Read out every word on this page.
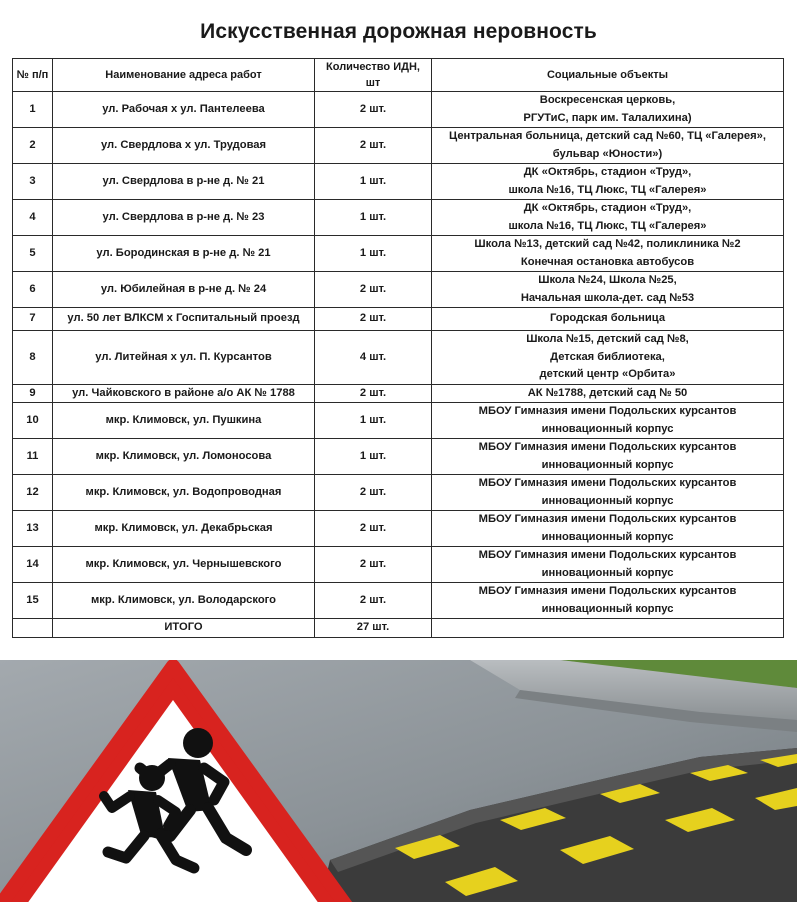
Искусственная дорожная неровность
№ п/п	Наименование адреса работ	Количество ИДН, шт	Социальные объекты
1	ул. Рабочая х ул. Пантелеева	2 шт.	Воскресенская церковь,
РГУТиС, парк им. Талалихина)
2	ул. Свердлова х ул. Трудовая	2 шт.	Центральная больница, детский сад №60, ТЦ «Галерея»,
бульвар «Юности»)
3	ул. Свердлова в р-не д. № 21	1 шт.	ДК «Октябрь, стадион «Труд»,
школа №16, ТЦ Люкс, ТЦ «Галерея»
4	ул. Свердлова в р-не д. № 23	1 шт.	ДК «Октябрь, стадион «Труд»,
школа №16, ТЦ Люкс, ТЦ «Галерея»
5	ул. Бородинская в р-не д. № 21	1 шт.	Школа №13, детский сад №42, поликлиника №2
Конечная остановка автобусов
6	ул. Юбилейная в р-не д. № 24	2 шт.	Школа №24, Школа №25,
Начальная школа-дет. сад №53
7	ул. 50 лет ВЛКСМ х Госпитальный проезд	2 шт.	Городская больница
8	ул. Литейная х ул. П. Курсантов	4 шт.	Школа №15, детский сад №8,
Детская библиотека,
детский центр «Орбита»
9	ул. Чайковского в районе а/о АК № 1788	2 шт.	АК №1788, детский сад № 50
10	мкр. Климовск, ул. Пушкина	1 шт.	МБОУ Гимназия имени Подольских курсантов
инновационный корпус
11	мкр. Климовск, ул. Ломоносова	1 шт.	МБОУ Гимназия имени Подольских курсантов
инновационный корпус
12	мкр. Климовск, ул. Водопроводная	2 шт.	МБОУ Гимназия имени Подольских курсантов
инновационный корпус
13	мкр. Климовск, ул. Декабрьская	2 шт.	МБОУ Гимназия имени Подольских курсантов
инновационный корпус
14	мкр. Климовск, ул. Чернышевского	2 шт.	МБОУ Гимназия имени Подольских курсантов
инновационный корпус
15	мкр. Климовск, ул. Володарского	2 шт.	МБОУ Гимназия имени Подольских курсантов
инновационный корпус
	ИТОГО	27 шт.	
